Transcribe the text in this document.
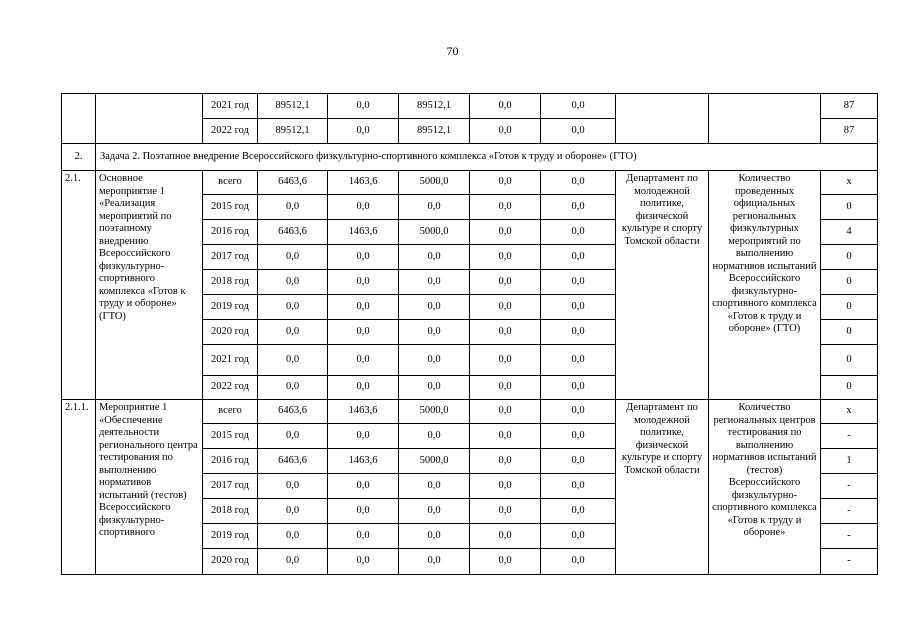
70
		2021 год	89512,1	0,0	89512,1	0,0	0,0			87
		2022 год	89512,1	0,0	89512,1	0,0	0,0			87
2.	Задача 2. Поэтапное внедрение Всероссийского физкультурно-спортивного комплекса «Готов к труду и обороне» (ГТО)									
2.1.	Основное мероприятие 1 «Реализация мероприятий по поэтапному внедрению Всероссийского физкультурно-спортивного комплекса «Готов к труду и обороне» (ГТО)	всего	6463,6	1463,6	5000,0	0,0	0,0	Департамент по молодежной политике, физической культуре и спорту Томской области	Количество проведенных официальных региональных физкультурных мероприятий по выполнению нормативов испытаний Всероссийского физкультурно-спортивного комплекса «Готов к труду и обороне» (ГТО)	х
		2015 год	0,0	0,0	0,0	0,0	0,0			0
		2016 год	6463,6	1463,6	5000,0	0,0	0,0			4
		2017 год	0,0	0,0	0,0	0,0	0,0			0
		2018 год	0,0	0,0	0,0	0,0	0,0			0
		2019 год	0,0	0,0	0,0	0,0	0,0			0
		2020 год	0,0	0,0	0,0	0,0	0,0			0
		2021 год	0,0	0,0	0,0	0,0	0,0			0
		2022 год	0,0	0,0	0,0	0,0	0,0			0
2.1.1.	Мероприятие 1 «Обеспечение деятельности регионального центра тестирования по выполнению нормативов испытаний (тестов) Всероссийского физкультурно-спортивного	всего	6463,6	1463,6	5000,0	0,0	0,0	Департамент по молодежной политике, физической культуре и спорту Томской области	Количество региональных центров тестирования по выполнению нормативов испытаний (тестов) Всероссийского физкультурно-спортивного комплекса «Готов к труду и обороне»	х
		2015 год	0,0	0,0	0,0	0,0	0,0			-
		2016 год	6463,6	1463,6	5000,0	0,0	0,0			1
		2017 год	0,0	0,0	0,0	0,0	0,0			-
		2018 год	0,0	0,0	0,0	0,0	0,0			-
		2019 год	0,0	0,0	0,0	0,0	0,0			-
		2020 год	0,0	0,0	0,0	0,0	0,0			-
